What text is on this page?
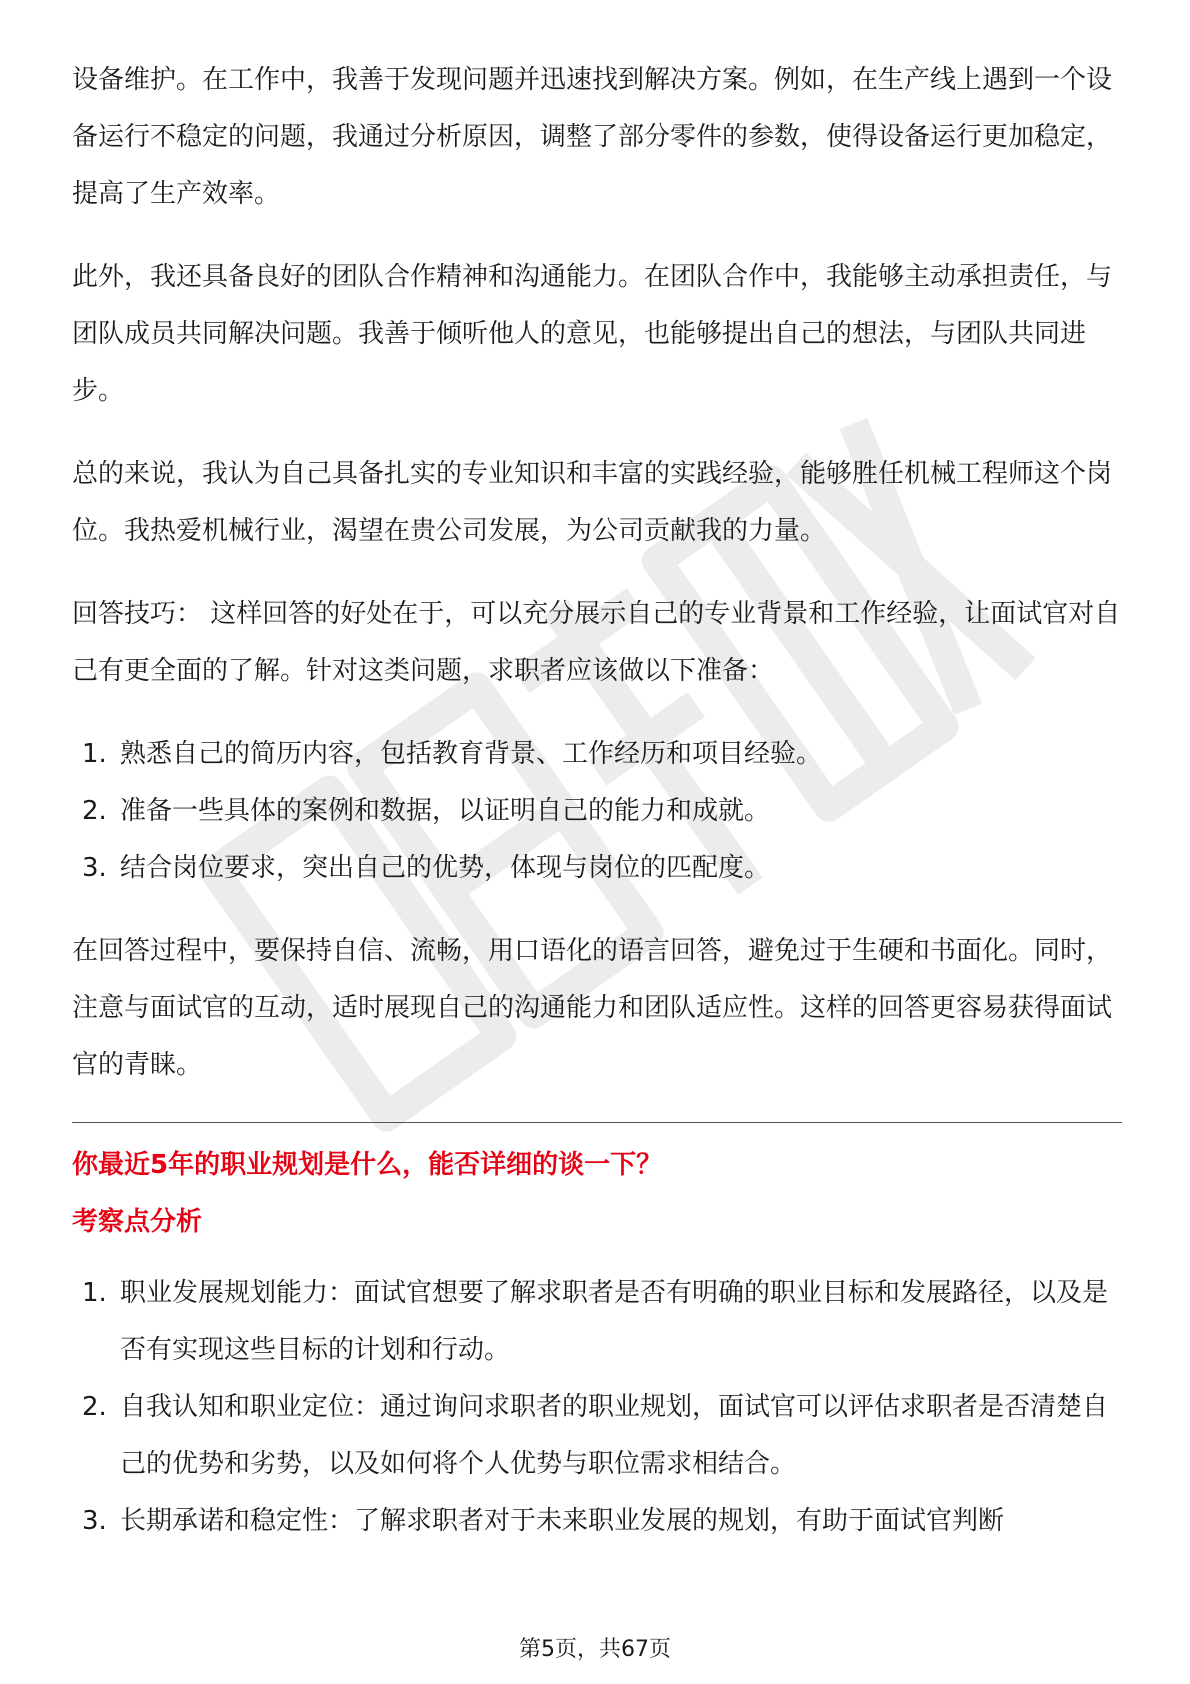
设备维护。在工作中，我善于发现问题并迅速找到解决方案。例如，在生产线上遇到一个设备运行不稳定的问题，我通过分析原因，调整了部分零件的参数，使得设备运行更加稳定，提高了生产效率。

此外，我还具备良好的团队合作精神和沟通能力。在团队合作中，我能够主动承担责任，与团队成员共同解决问题。我善于倾听他人的意见，也能够提出自己的想法，与团队共同进步。

总的来说，我认为自己具备扎实的专业知识和丰富的实践经验，能够胜任机械工程师这个岗位。我热爱机械行业，渴望在贵公司发展，为公司贡献我的力量。

回答技巧： 这样回答的好处在于，可以充分展示自己的专业背景和工作经验，让面试官对自己有更全面的了解。针对这类问题，求职者应该做以下准备：

1. 熟悉自己的简历内容，包括教育背景、工作经历和项目经验。
2. 准备一些具体的案例和数据，以证明自己的能力和成就。
3. 结合岗位要求，突出自己的优势，体现与岗位的匹配度。

在回答过程中，要保持自信、流畅，用口语化的语言回答，避免过于生硬和书面化。同时，注意与面试官的互动，适时展现自己的沟通能力和团队适应性。这样的回答更容易获得面试官的青睐。

你最近5年的职业规划是什么，能否详细的谈一下？

考察点分析

1. 职业发展规划能力：面试官想要了解求职者是否有明确的职业目标和发展路径，以及是否有实现这些目标的计划和行动。
2. 自我认知和职业定位：通过询问求职者的职业规划，面试官可以评估求职者是否清楚自己的优势和劣势，以及如何将个人优势与职位需求相结合。
3. 长期承诺和稳定性：了解求职者对于未来职业发展的规划，有助于面试官判断
第5页，共67页
